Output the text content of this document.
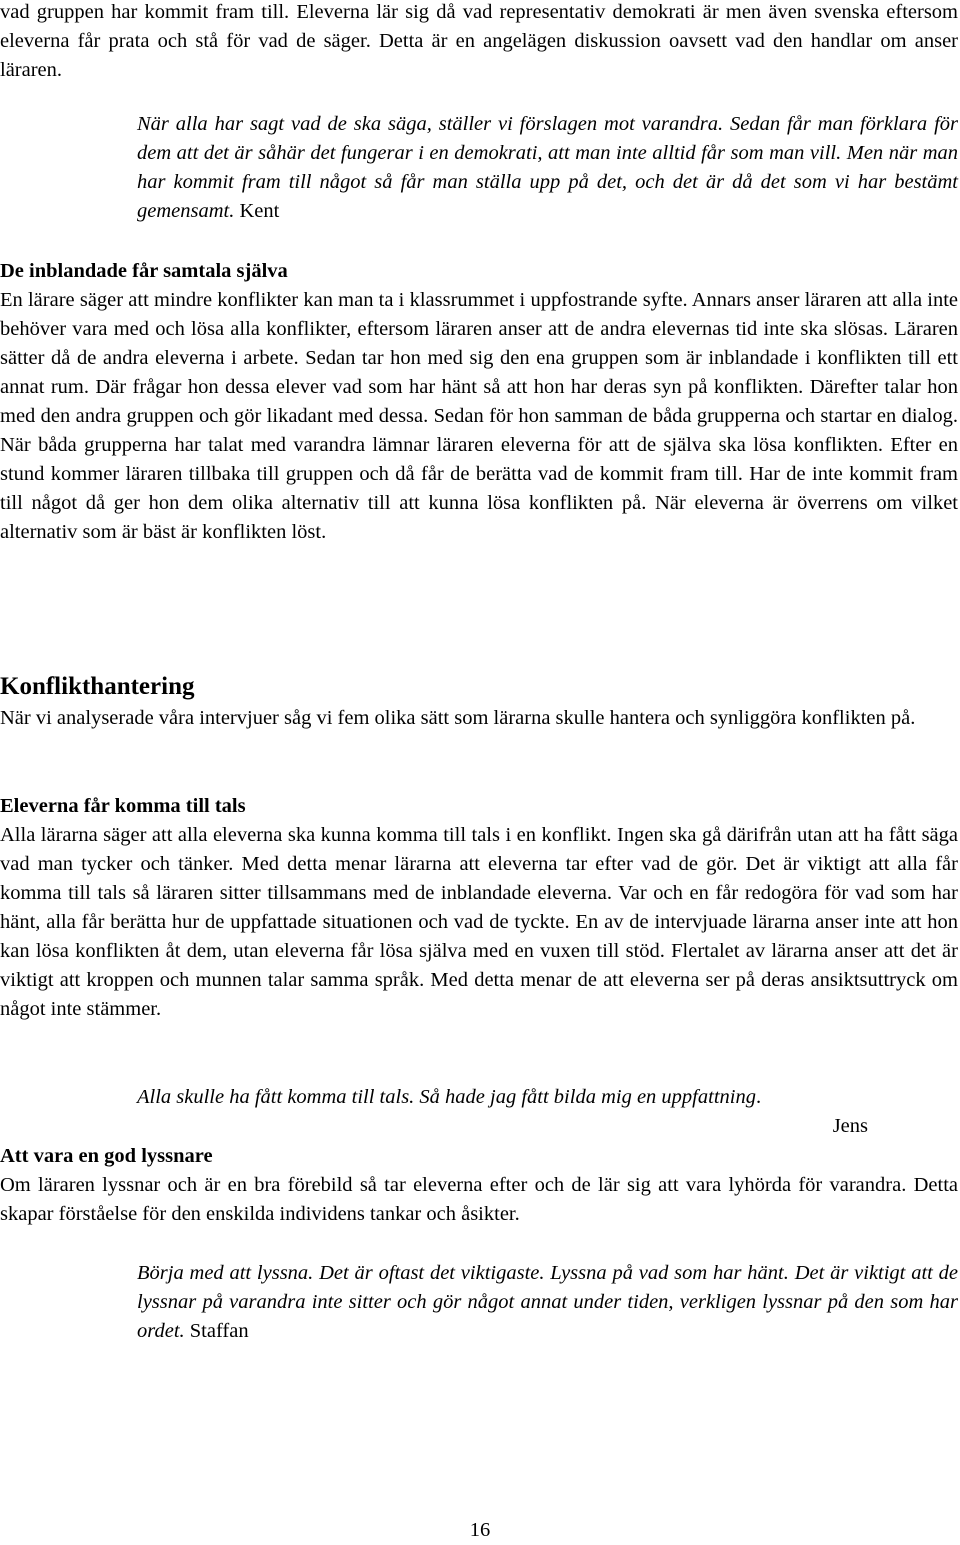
vad gruppen har kommit fram till. Eleverna lär sig då vad representativ demokrati är men även svenska eftersom eleverna får prata och stå för vad de säger. Detta är en angelägen diskussion oavsett vad den handlar om anser läraren.

När alla har sagt vad de ska säga, ställer vi förslagen mot varandra. Sedan får man förklara för dem att det är såhär det fungerar i en demokrati, att man inte alltid får som man vill. Men när man har kommit fram till något så får man ställa upp på det, och det är då det som vi har bestämt gemensamt. Kent

De inblandade får samtala själva

En lärare säger att mindre konflikter kan man ta i klassrummet i uppfostrande syfte. Annars anser läraren att alla inte behöver vara med och lösa alla konflikter, eftersom läraren anser att de andra elevernas tid inte ska slösas. Läraren sätter då de andra eleverna i arbete. Sedan tar hon med sig den ena gruppen som är inblandade i konflikten till ett annat rum. Där frågar hon dessa elever vad som har hänt så att hon har deras syn på konflikten. Därefter talar hon med den andra gruppen och gör likadant med dessa. Sedan för hon samman de båda grupperna och startar en dialog. När båda grupperna har talat med varandra lämnar läraren eleverna för att de själva ska lösa konflikten. Efter en stund kommer läraren tillbaka till gruppen och då får de berätta vad de kommit fram till. Har de inte kommit fram till något då ger hon dem olika alternativ till att kunna lösa konflikten på. När eleverna är överrens om vilket alternativ som är bäst är konflikten löst.

Konflikthantering

När vi analyserade våra intervjuer såg vi fem olika sätt som lärarna skulle hantera och synliggöra konflikten på.

Eleverna får komma till tals

Alla lärarna säger att alla eleverna ska kunna komma till tals i en konflikt. Ingen ska gå därifrån utan att ha fått säga vad man tycker och tänker. Med detta menar lärarna att eleverna tar efter vad de gör. Det är viktigt att alla får komma till tals så läraren sitter tillsammans med de inblandade eleverna. Var och en får redogöra för vad som har hänt, alla får berätta hur de uppfattade situationen och vad de tyckte. En av de intervjuade lärarna anser inte att hon kan lösa konflikten åt dem, utan eleverna får lösa själva med en vuxen till stöd. Flertalet av lärarna anser att det är viktigt att kroppen och munnen talar samma språk. Med detta menar de att eleverna ser på deras ansiktsuttryck om något inte stämmer.

Alla skulle ha fått komma till tals. Så hade jag fått bilda mig en uppfattning.

Jens

Att vara en god lyssnare

Om läraren lyssnar och är en bra förebild så tar eleverna efter och de lär sig att vara lyhörda för varandra. Detta skapar förståelse för den enskilda individens tankar och åsikter.

Börja med att lyssna. Det är oftast det viktigaste. Lyssna på vad som har hänt. Det är viktigt att de lyssnar på varandra inte sitter och gör något annat under tiden, verkligen lyssnar på den som har ordet. Staffan

16
